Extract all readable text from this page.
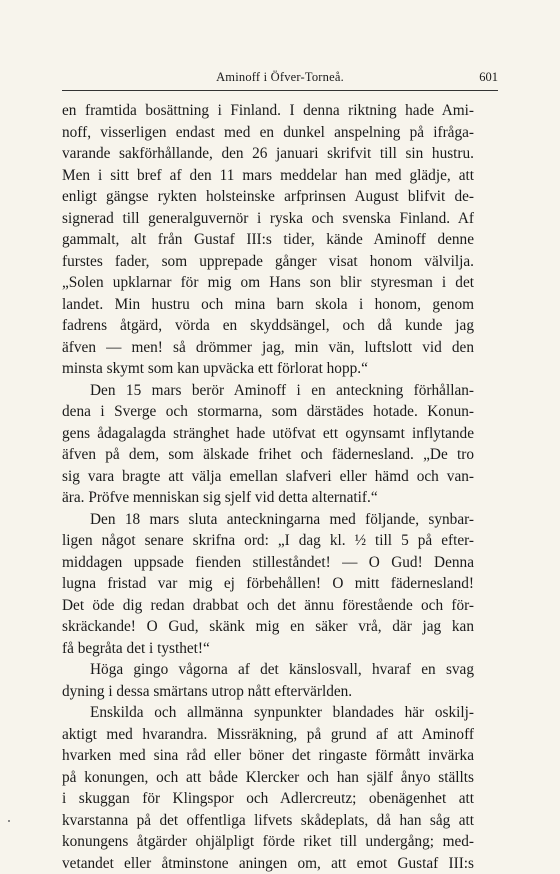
Aminoff i Öfver-Torneå.	601
en framtida bosättning i Finland. I denna riktning hade Ami-
noff, visserligen endast med en dunkel anspelning på ifråga-
varande sakförhållande, den 26 januari skrifvit till sin hustru.
Men i sitt bref af den 11 mars meddelar han med glädje, att
enligt gängse rykten holsteinske arfprinsen August blifvit de-
signerad till generalguvernör i ryska och svenska Finland. Af
gammalt, alt från Gustaf III:s tider, kände Aminoff denne
furstes fader, som upprepade gånger visat honom välvilja.
„Solen upklarnar för mig om Hans son blir styresman i det
landet. Min hustru och mina barn skola i honom, genom
fadrens åtgärd, vörda en skyddsängel, och då kunde jag
äfven — men! så drömmer jag, min vän, luftslott vid den
minsta skymt som kan upväcka ett förlorat hopp.“
Den 15 mars berör Aminoff i en anteckning förhållan-
dena i Sverge och stormarna, som därstädes hotade. Konun-
gens ådagalagda stränghet hade utöfvat ett ogynsamt inflytande
äfven på dem, som älskade frihet och fädernesland. „De tro
sig vara bragte att välja emellan slafveri eller hämd och van-
ära. Pröfve menniskan sig sjelf vid detta alternatif.“
Den 18 mars sluta anteckningarna med följande, synbar-
ligen något senare skrifna ord: „I dag kl. ½ till 5 på efter-
middagen uppsade fienden stilleståndet! — O Gud! Denna
lugna fristad var mig ej förbehållen! O mitt fädernesland!
Det öde dig redan drabbat och det ännu förestående och för-
skräckande! O Gud, skänk mig en säker vrå, där jag kan
få begråta det i tysthet!“
Höga gingo vågorna af det känslosvall, hvaraf en svag
dyning i dessa smärtans utrop nått eftervärlden.
Enskilda och allmänna synpunkter blandades här oskilj-
aktigt med hvarandra. Missräkning, på grund af att Aminoff
hvarken med sina råd eller böner det ringaste förmått invärka
på konungen, och att både Klercker och han själf ånyo ställts
i skuggan för Klingspor och Adlercreutz; obenägenhet att
kvarstanna på det offentliga lifvets skådeplats, då han såg att
konungens åtgärder ohjälpligt förde riket till undergång; med-
vetandet eller åtminstone aningen om, att emot Gustaf III:s
